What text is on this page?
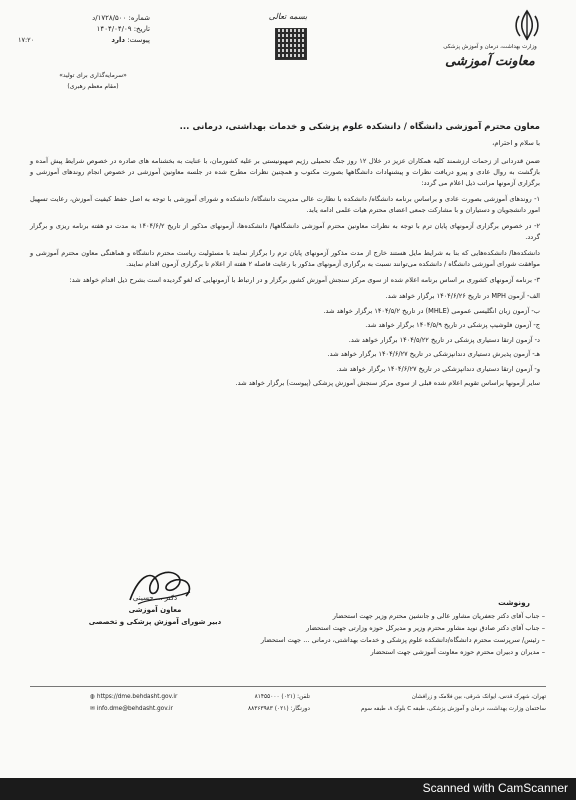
وزارت بهداشت، درمان و آموزش پزشکی
معاونت آموزشی
بسمه تعالی
شماره: ۱۷۲۸/۵۰۰/د
تاریخ: ۱۴۰۴/۰۴/۰۹
پیوست: دارد
۱۷:۲۰
«سرمایه‌گذاری برای تولید»
(مقام معظم رهبری)
معاون محترم آموزشی دانشگاه / دانشکده علوم پزشکی و خدمات بهداشتی، درمانی ...
با سلام و احترام،

ضمن قدردانی از زحمات ارزشمند کلیه همکاران عزیز در خلال ۱۲ روز جنگ تحمیلی رژیم صهیونیستی بر علیه کشورمان، با عنایت به بخشنامه های صادره در خصوص شرایط پیش آمده و بازگشت به روال عادی و پیرو دریافت نظرات و پیشنهادات دانشگاهها بصورت مکتوب و همچنین نظرات مطرح شده در جلسه معاونین آموزشی در خصوص انجام روندهای آموزشی و برگزاری آزمونها مراتب ذیل اعلام می گردد:

۱- روندهای آموزشی بصورت عادی و براساس برنامه دانشگاه/ دانشکده با نظارت عالی مدیریت دانشگاه/ دانشکده و شورای آموزشی با توجه به اصل حفظ کیفیت آموزش، رعایت تسهیل امور دانشجویان و دستیاران و با مشارکت جمعی اعضای محترم هیات علمی ادامه یابد.

۲- در خصوص برگزاری آزمونهای پایان ترم با توجه به نظرات معاونین محترم آموزشی دانشگاهها/ دانشکده‌ها، آزمونهای مذکور از تاریخ ۱۴۰۴/۶/۲ به مدت دو هفته برنامه ریزی و برگزار گردد.

دانشکده‌ها/ دانشکده‌هایی که بنا به شرایط مایل هستند خارج از مدت مذکور آزمونهای پایان ترم را برگزار نمایند با مسئولیت ریاست محترم دانشگاه و هماهنگی معاون محترم آموزشی و موافقت شورای آموزشی دانشگاه / دانشکده می‌توانند نسبت به برگزاری آزمونهای مذکور با رعایت فاصله ۲ هفته از اعلام تا برگزاری آزمون اقدام نمایند.

۳- برنامه آزمونهای کشوری بر اساس برنامه اعلام شده از سوی مرکز سنجش آموزش کشور برگزار و در ارتباط با آزمونهایی که لغو گردیده است بشرح ذیل اقدام خواهد شد:

الف- آزمون MPH در تاریخ ۱۴۰۴/۶/۲۶ برگزار خواهد شد.
ب- آزمون زبان انگلیسی عمومی (MHLE) در تاریخ ۱۴۰۴/۵/۲ برگزار خواهد شد.
ج- آزمون فلوشیپ پزشکی در تاریخ ۱۴۰۴/۵/۹ برگزار خواهد شد.
د- آزمون ارتقا دستیاری پزشکی در تاریخ ۱۴۰۴/۵/۲۲ برگزار خواهد شد.
هـ- آزمون پذیرش دستیاری دندانپزشکی در تاریخ ۱۴۰۴/۶/۲۷ برگزار خواهد شد.
و- آزمون ارتقا دستیاری دندانپزشکی در تاریخ ۱۴۰۴/۶/۲۷ برگزار خواهد شد.
سایر آزمونها براساس تقویم اعلام شده قبلی از سوی مرکز سنجش آموزش پزشکی (پیوست) برگزار خواهد شد.
دکتر ... حسینی
معاون آموزشی
دبیر شورای آموزش پزشکی و تخصصی
رونوشت
– جناب آقای دکتر جعفریان مشاور عالی و جانشین محترم وزیر جهت استحضار
– جناب آقای دکتر صادق نوید مشاور محترم وزیر و مدیرکل حوزه وزارتی جهت استحضار
– رئیس/ سرپرست محترم دانشگاه/دانشکده علوم پزشکی و خدمات بهداشتی، درمانی ... جهت استحضار
– مدیران و دبیران محترم حوزه معاونت آموزشی جهت استحضار
تهران، شهرک قدس، ایوانک شرقی، بین فلامک و زرافشان
ساختمان وزارت بهداشت، درمان و آموزش پزشکی، طبقه C بلوک ۸، طبقه سوم
تلفن: (۰۲۱) ۸۱۴۵۵۰۰۰
دورنگار: (۰۲۱) ۸۸۳۶۳۹۸۳
◍ https://dme.behdasht.gov.ir
✉ info.dme@behdasht.gov.ir
Scanned with CamScanner
